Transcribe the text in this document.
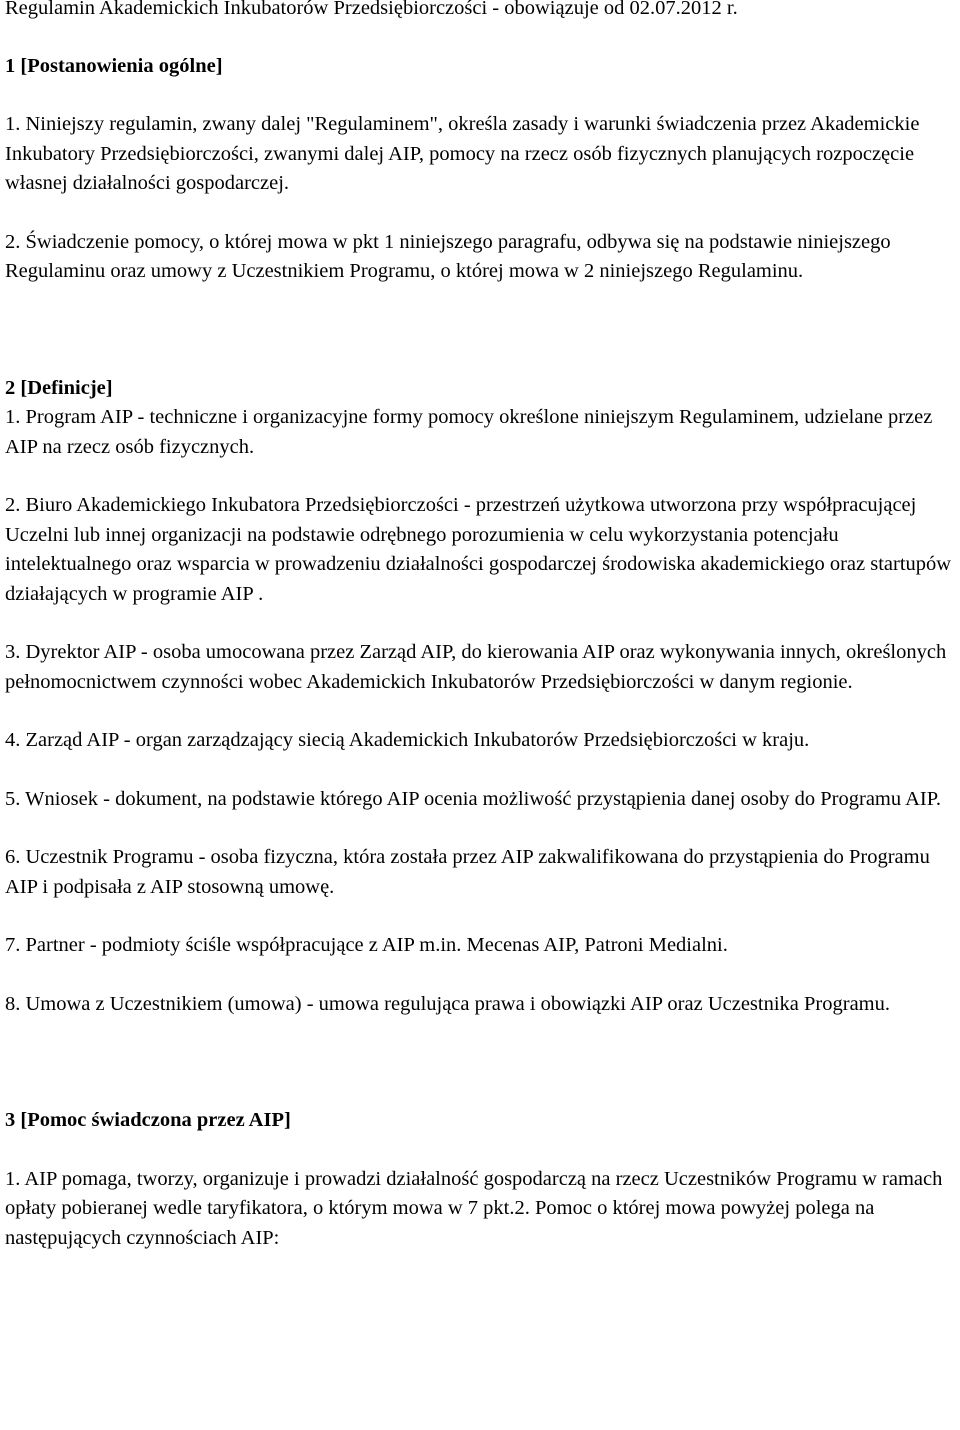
Regulamin Akademickich Inkubatorów Przedsiębiorczości - obowiązuje od 02.07.2012 r.

1 [Postanowienia ogólne]

1. Niniejszy regulamin, zwany dalej "Regulaminem", określa zasady i warunki świadczenia przez Akademickie Inkubatory Przedsiębiorczości, zwanymi dalej AIP, pomocy na rzecz osób fizycznych planujących rozpoczęcie własnej działalności gospodarczej.

2. Świadczenie pomocy, o której mowa w pkt 1 niniejszego paragrafu, odbywa się na podstawie niniejszego Regulaminu oraz umowy z Uczestnikiem Programu, o której mowa w 2 niniejszego Regulaminu.

2 [Definicje]

1. Program AIP - techniczne i organizacyjne formy pomocy określone niniejszym Regulaminem, udzielane przez AIP na rzecz osób fizycznych.

2. Biuro Akademickiego Inkubatora Przedsiębiorczości - przestrzeń użytkowa utworzona przy współpracującej Uczelni lub innej organizacji na podstawie odrębnego porozumienia w celu wykorzystania potencjału intelektualnego oraz wsparcia w prowadzeniu działalności gospodarczej środowiska akademickiego oraz startupów działających w programie AIP .

3. Dyrektor AIP - osoba umocowana przez Zarząd AIP, do kierowania AIP oraz wykonywania innych, określonych pełnomocnictwem czynności wobec Akademickich Inkubatorów Przedsiębiorczości w danym regionie.

4. Zarząd AIP - organ zarządzający siecią Akademickich Inkubatorów Przedsiębiorczości w kraju.

5. Wniosek - dokument, na podstawie którego AIP ocenia możliwość przystąpienia danej osoby do Programu AIP.

6. Uczestnik Programu - osoba fizyczna, która została przez AIP zakwalifikowana do przystąpienia do Programu AIP i podpisała z AIP stosowną umowę.

7. Partner - podmioty ściśle współpracujące z AIP m.in. Mecenas AIP, Patroni Medialni.

8. Umowa z Uczestnikiem (umowa) - umowa regulująca prawa i obowiązki AIP oraz Uczestnika Programu.

3 [Pomoc świadczona przez AIP]

1. AIP pomaga, tworzy, organizuje i prowadzi działalność gospodarczą na rzecz Uczestników Programu w ramach opłaty pobieranej wedle taryfikatora, o którym mowa w 7 pkt.2. Pomoc o której mowa powyżej polega na następujących czynnościach AIP:
